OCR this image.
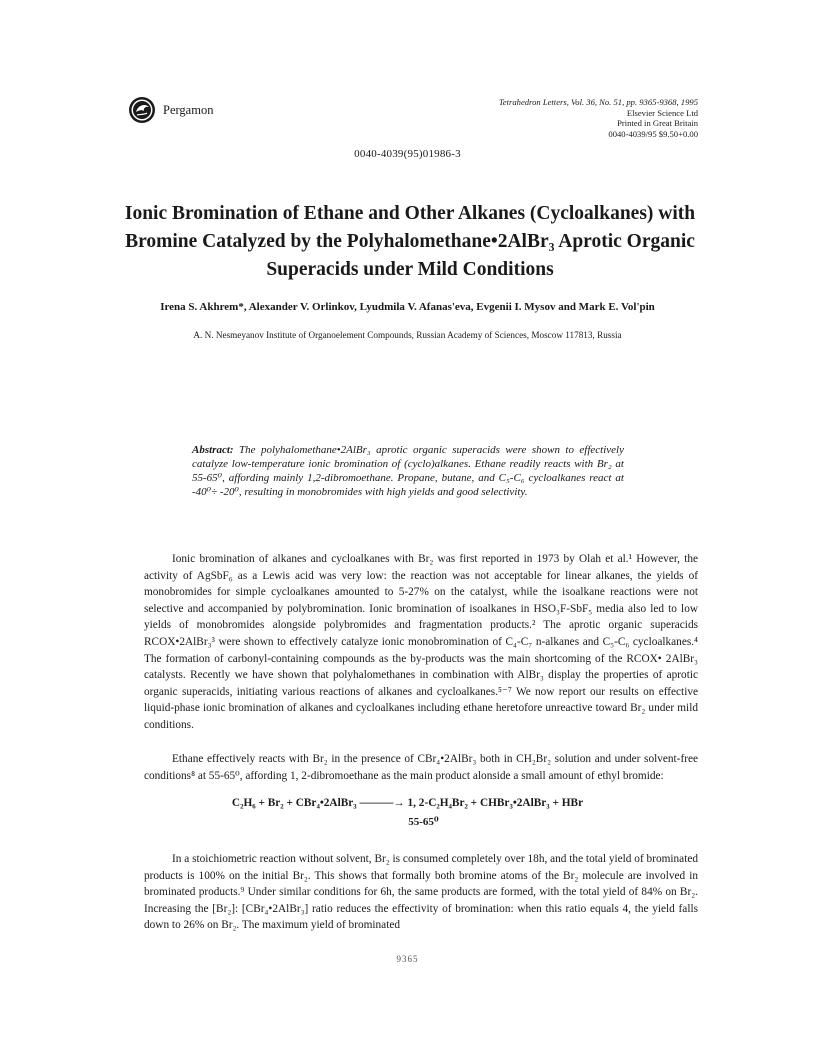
Pergamon
Tetrahedron Letters, Vol. 36, No. 51, pp. 9365-9368, 1995
Elsevier Science Ltd
Printed in Great Britain
0040-4039/95 $9.50+0.00
0040-4039(95)01986-3
Ionic Bromination of Ethane and Other Alkanes (Cycloalkanes) with Bromine Catalyzed by the Polyhalomethane•2AlBr₃ Aprotic Organic Superacids under Mild Conditions
Irena S. Akhrem*, Alexander V. Orlinkov, Lyudmila V. Afanas'eva, Evgenii I. Mysov and Mark E. Vol'pin
A. N. Nesmeyanov Institute of Organoelement Compounds, Russian Academy of Sciences, Moscow 117813, Russia
Abstract: The polyhalomethane•2AlBr₃ aprotic organic superacids were shown to effectively catalyze low-temperature ionic bromination of (cyclo)alkanes. Ethane readily reacts with Br₂ at 55-65⁰, affording mainly 1,2-dibromoethane. Propane, butane, and C₅-C₆ cycloalkanes react at -40⁰÷ -20⁰, resulting in monobromides with high yields and good selectivity.
Ionic bromination of alkanes and cycloalkanes with Br₂ was first reported in 1973 by Olah et al.¹ However, the activity of AgSbF₆ as a Lewis acid was very low: the reaction was not acceptable for linear alkanes, the yields of monobromides for simple cycloalkanes amounted to 5-27% on the catalyst, while the isoalkane reactions were not selective and accompanied by polybromination. Ionic bromination of isoalkanes in HSO₃F-SbF₅ media also led to low yields of monobromides alongside polybromides and fragmentation products.² The aprotic organic superacids RCOX•2AlBr₃³ were shown to effectively catalyze ionic monobromination of C₄-C₇ n-alkanes and C₅-C₆ cycloalkanes.⁴ The formation of carbonyl-containing compounds as the by-products was the main shortcoming of the RCOX• 2AlBr₃ catalysts. Recently we have shown that polyhalomethanes in combination with AlBr₃ display the properties of aprotic organic superacids, initiating various reactions of alkanes and cycloalkanes.⁵⁻⁷ We now report our results on effective liquid-phase ionic bromination of alkanes and cycloalkanes including ethane heretofore unreactive toward Br₂ under mild conditions.
Ethane effectively reacts with Br₂ in the presence of CBr₄•2AlBr₃ both in CH₂Br₂ solution and under solvent-free conditions⁸ at 55-65⁰, affording 1, 2-dibromoethane as the main product alonside a small amount of ethyl bromide:
C₂H₆ + Br₂ + CBr₄•2AlBr₃ ———→ 1, 2-C₂H₄Br₂ + CHBr₃•2AlBr₃ + HBr
55-65⁰
In a stoichiometric reaction without solvent, Br₂ is consumed completely over 18h, and the total yield of brominated products is 100% on the initial Br₂. This shows that formally both bromine atoms of the Br₂ molecule are involved in brominated products.⁹ Under similar conditions for 6h, the same products are formed, with the total yield of 84% on Br₂. Increasing the [Br₂]: [CBr₄•2AlBr₃] ratio reduces the effectivity of bromination: when this ratio equals 4, the yield falls down to 26% on Br₂. The maximum yield of brominated
9365
